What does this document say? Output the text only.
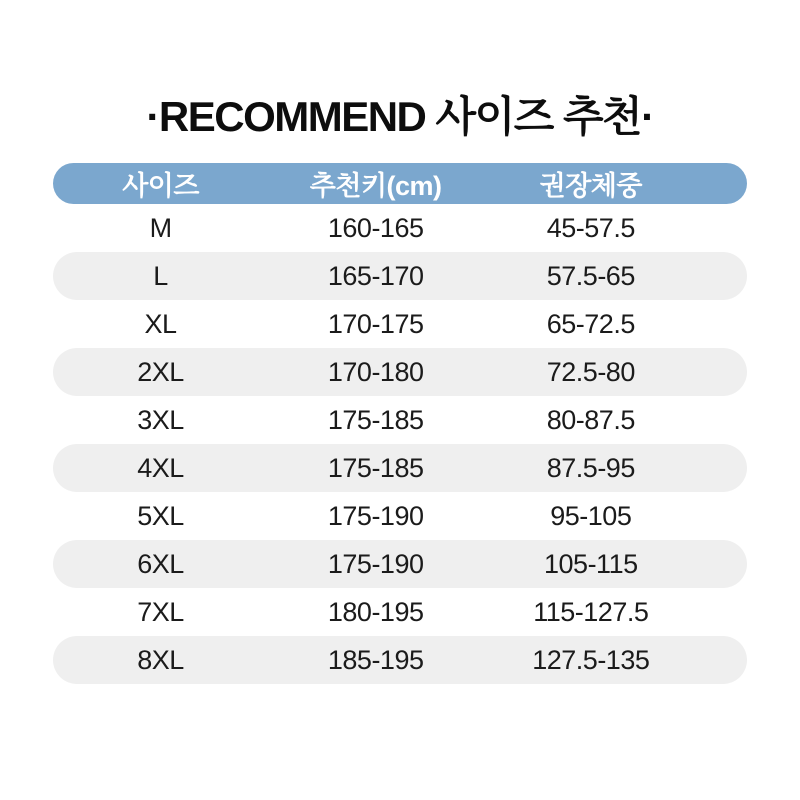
·RECOMMEND 사이즈 추천·
사이즈	추천키(cm)	권장체중
M	160-165	45-57.5
L	165-170	57.5-65
XL	170-175	65-72.5
2XL	170-180	72.5-80
3XL	175-185	80-87.5
4XL	175-185	87.5-95
5XL	175-190	95-105
6XL	175-190	105-115
7XL	180-195	115-127.5
8XL	185-195	127.5-135
